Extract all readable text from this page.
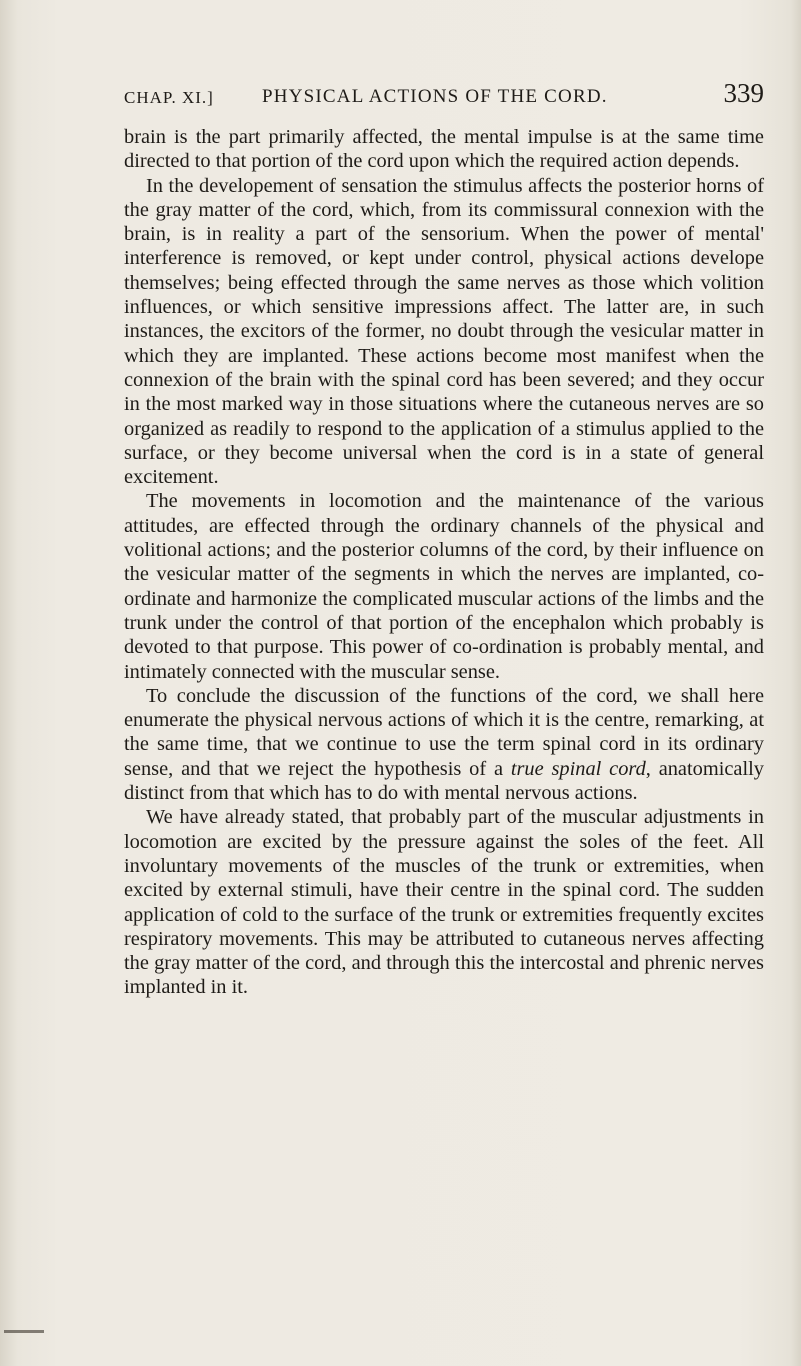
CHAP. XI.]	PHYSICAL ACTIONS OF THE CORD.	339

brain is the part primarily affected, the mental impulse is at the same time directed to that portion of the cord upon which the required action depends.

In the developement of sensation the stimulus affects the posterior horns of the gray matter of the cord, which, from its commissural connexion with the brain, is in reality a part of the sensorium. When the power of mental' interference is removed, or kept under control, physical actions develope themselves; being effected through the same nerves as those which volition influences, or which sensitive impressions affect. The latter are, in such instances, the excitors of the former, no doubt through the vesicular matter in which they are implanted. These actions become most manifest when the connexion of the brain with the spinal cord has been severed; and they occur in the most marked way in those situations where the cutaneous nerves are so organized as readily to respond to the application of a stimulus applied to the surface, or they become universal when the cord is in a state of general excitement.

The movements in locomotion and the maintenance of the various attitudes, are effected through the ordinary channels of the physical and volitional actions; and the posterior columns of the cord, by their influence on the vesicular matter of the segments in which the nerves are implanted, co-ordinate and harmonize the complicated muscular actions of the limbs and the trunk under the control of that portion of the encephalon which probably is devoted to that purpose. This power of co-ordination is probably mental, and intimately connected with the muscular sense.

To conclude the discussion of the functions of the cord, we shall here enumerate the physical nervous actions of which it is the centre, remarking, at the same time, that we continue to use the term spinal cord in its ordinary sense, and that we reject the hypothesis of a true spinal cord, anatomically distinct from that which has to do with mental nervous actions.

We have already stated, that probably part of the muscular adjustments in locomotion are excited by the pressure against the soles of the feet. All involuntary movements of the muscles of the trunk or extremities, when excited by external stimuli, have their centre in the spinal cord. The sudden application of cold to the surface of the trunk or extremities frequently excites respiratory movements. This may be attributed to cutaneous nerves affecting the gray matter of the cord, and through this the intercostal and phrenic nerves implanted in it.
